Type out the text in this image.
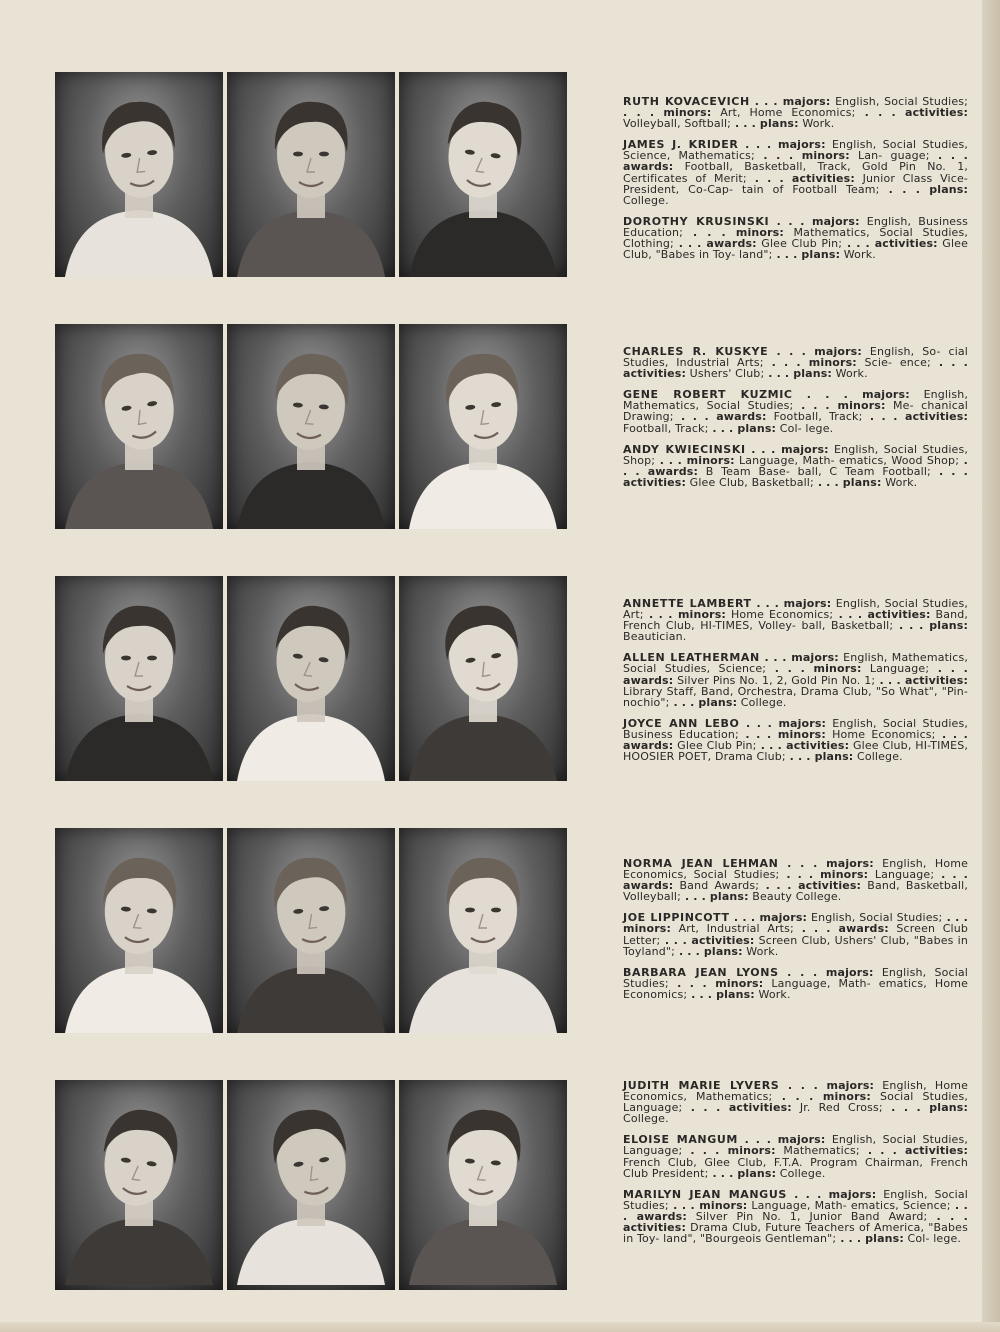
RUTH KOVACEVICH . . . majors: English, Social Studies; . . . minors: Art, Home Economics; . . . activities: Volleyball, Softball; . . . plans: Work.
JAMES J. KRIDER . . . majors: English, Social Studies, Science, Mathematics; . . . minors: Lan- guage; . . . awards: Football, Basketball, Track, Gold Pin No. 1, Certificates of Merit; . . . activities: Junior Class Vice-President, Co-Cap- tain of Football Team; . . . plans: College.
DOROTHY KRUSINSKI . . . majors: English, Business Education; . . . minors: Mathematics, Social Studies, Clothing; . . . awards: Glee Club Pin; . . . activities: Glee Club, "Babes in Toy- land"; . . . plans: Work.
CHARLES R. KUSKYE . . . majors: English, So- cial Studies, Industrial Arts; . . . minors: Scie- ence; . . . activities: Ushers' Club; . . . plans: Work.
GENE ROBERT KUZMIC . . . majors: English, Mathematics, Social Studies; . . . minors: Me- chanical Drawing; . . . awards: Football, Track; . . . activities: Football, Track; . . . plans: Col- lege.
ANDY KWIECINSKI . . . majors: English, Social Studies, Shop; . . . minors: Language, Math- ematics, Wood Shop; . . . awards: B Team Base- ball, C Team Football; . . . activities: Glee Club, Basketball; . . . plans: Work.
ANNETTE LAMBERT . . . majors: English, Social Studies, Art; . . . minors: Home Economics; . . . activities: Band, French Club, HI-TIMES, Volley- ball, Basketball; . . . plans: Beautician.
ALLEN LEATHERMAN . . . majors: English, Mathematics, Social Studies, Science; . . . minors: Language; . . . awards: Silver Pins No. 1, 2, Gold Pin No. 1; . . . activities: Library Staff, Band, Orchestra, Drama Club, "So What", "Pin- nochio"; . . . plans: College.
JOYCE ANN LEBO . . . majors: English, Social Studies, Business Education; . . . minors: Home Economics; . . . awards: Glee Club Pin; . . . activities: Glee Club, HI-TIMES, HOOSIER POET, Drama Club; . . . plans: College.
NORMA JEAN LEHMAN . . . majors: English, Home Economics, Social Studies; . . . minors: Language; . . . awards: Band Awards; . . . activities: Band, Basketball, Volleyball; . . . plans: Beauty College.
JOE LIPPINCOTT . . . majors: English, Social Studies; . . . minors: Art, Industrial Arts; . . . awards: Screen Club Letter; . . . activities: Screen Club, Ushers' Club, "Babes in Toyland"; . . . plans: Work.
BARBARA JEAN LYONS . . . majors: English, Social Studies; . . . minors: Language, Math- ematics, Home Economics; . . . plans: Work.
JUDITH MARIE LYVERS . . . majors: English, Home Economics, Mathematics; . . . minors: Social Studies, Language; . . . activities: Jr. Red Cross; . . . plans: College.
ELOISE MANGUM . . . majors: English, Social Studies, Language; . . . minors: Mathematics; . . . activities: French Club, Glee Club, F.T.A. Program Chairman, French Club President; . . . plans: College.
MARILYN JEAN MANGUS . . . majors: English, Social Studies; . . . minors: Language, Math- ematics, Science; . . . awards: Silver Pin No. 1, Junior Band Award; . . . activities: Drama Club, Future Teachers of America, "Babes in Toy- land", "Bourgeois Gentleman"; . . . plans: Col- lege.
